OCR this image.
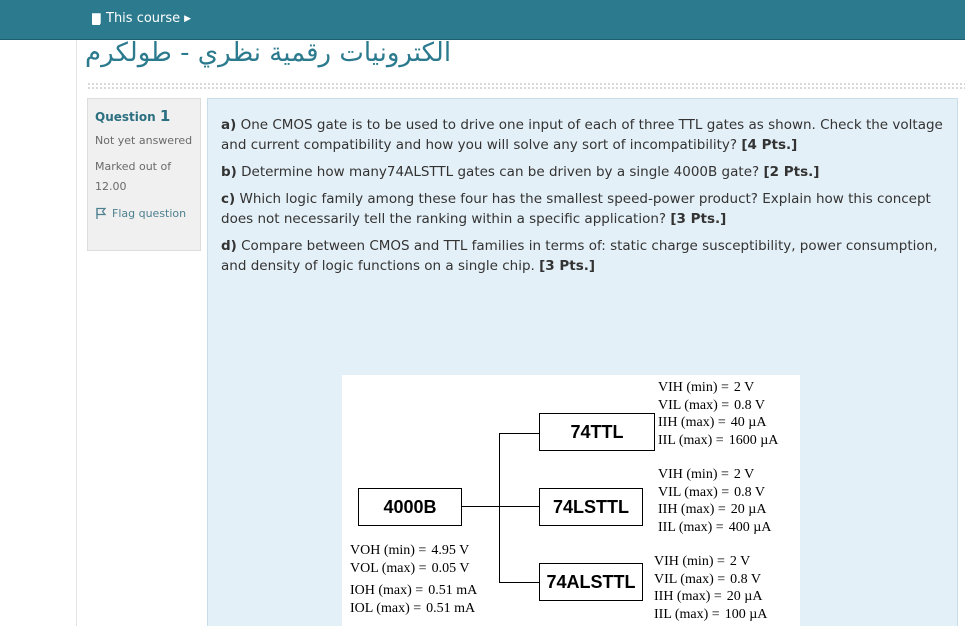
This course ▶
الكترونيات رقمية نظري - طولكرم
Question 1
Not yet answered
Marked out of 12.00
Flag question

a) One CMOS gate is to be used to drive one input of each of three TTL gates as shown. Check the voltage and current compatibility and how you will solve any sort of incompatibility? [4 Pts.]

b) Determine how many74ALSTTL gates can be driven by a single 4000B gate? [2 Pts.]

c) Which logic family among these four has the smallest speed-power product? Explain how this concept does not necessarily tell the ranking within a specific application? [3 Pts.]

d) Compare between CMOS and TTL families in terms of: static charge susceptibility, power consumption, and density of logic functions on a single chip. [3 Pts.]

4000B
VOH (min) = 4.95 V
VOL (max) = 0.05 V
IOH (max) = 0.51 mA
IOL (max) = 0.51 mA
74TTL
VIH (min) = 2 V
VIL (max) = 0.8 V
IIH (max) = 40 µA
IIL (max) = 1600 µA
74LSTTL
VIH (min) = 2 V
VIL (max) = 0.8 V
IIH (max) = 20 µA
IIL (max) = 400 µA
74ALSTTL
VIH (min) = 2 V
VIL (max) = 0.8 V
IIH (max) = 20 µA
IIL (max) = 100 µA
